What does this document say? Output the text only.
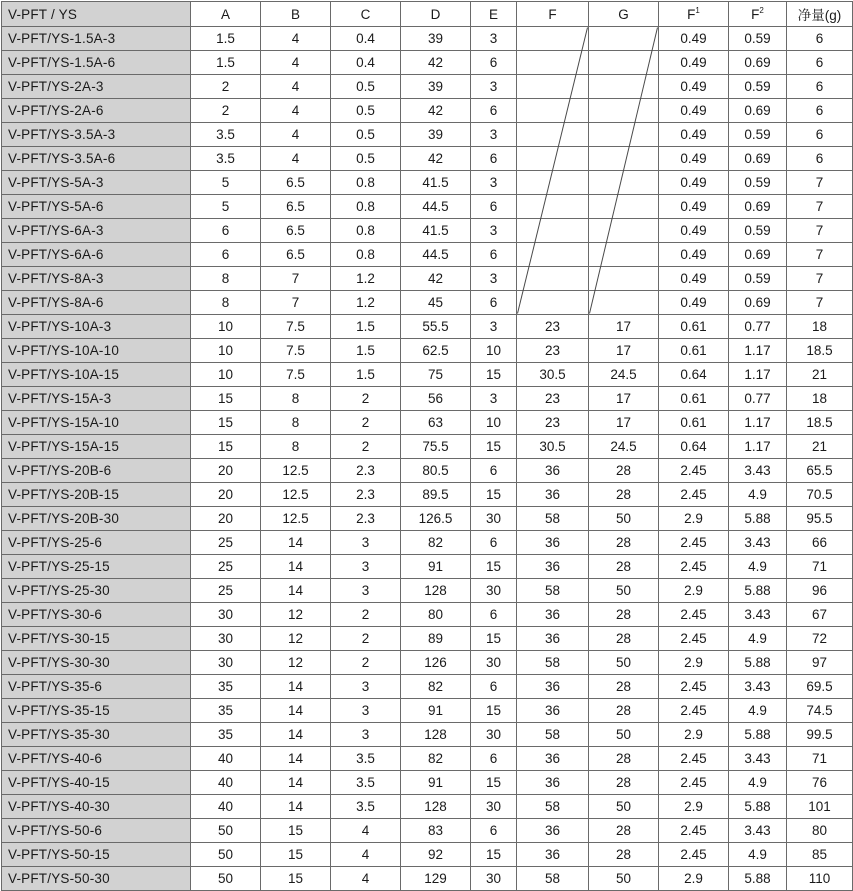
V-PFT / YS	A	B	C	D	E	F	G	$F^1$	$F^2$	净量(g)
V-PFT/YS-1.5A-3	1.5	4	0.4	39	3			0.49	0.59	6
V-PFT/YS-1.5A-6	1.5	4	0.4	42	6			0.49	0.69	6
V-PFT/YS-2A-3	2	4	0.5	39	3			0.49	0.59	6
V-PFT/YS-2A-6	2	4	0.5	42	6			0.49	0.69	6
V-PFT/YS-3.5A-3	3.5	4	0.5	39	3			0.49	0.59	6
V-PFT/YS-3.5A-6	3.5	4	0.5	42	6			0.49	0.69	6
V-PFT/YS-5A-3	5	6.5	0.8	41.5	3			0.49	0.59	7
V-PFT/YS-5A-6	5	6.5	0.8	44.5	6			0.49	0.69	7
V-PFT/YS-6A-3	6	6.5	0.8	41.5	3			0.49	0.59	7
V-PFT/YS-6A-6	6	6.5	0.8	44.5	6			0.49	0.69	7
V-PFT/YS-8A-3	8	7	1.2	42	3			0.49	0.59	7
V-PFT/YS-8A-6	8	7	1.2	45	6			0.49	0.69	7
V-PFT/YS-10A-3	10	7.5	1.5	55.5	3	23	17	0.61	0.77	18
V-PFT/YS-10A-10	10	7.5	1.5	62.5	10	23	17	0.61	1.17	18.5
V-PFT/YS-10A-15	10	7.5	1.5	75	15	30.5	24.5	0.64	1.17	21
V-PFT/YS-15A-3	15	8	2	56	3	23	17	0.61	0.77	18
V-PFT/YS-15A-10	15	8	2	63	10	23	17	0.61	1.17	18.5
V-PFT/YS-15A-15	15	8	2	75.5	15	30.5	24.5	0.64	1.17	21
V-PFT/YS-20B-6	20	12.5	2.3	80.5	6	36	28	2.45	3.43	65.5
V-PFT/YS-20B-15	20	12.5	2.3	89.5	15	36	28	2.45	4.9	70.5
V-PFT/YS-20B-30	20	12.5	2.3	126.5	30	58	50	2.9	5.88	95.5
V-PFT/YS-25-6	25	14	3	82	6	36	28	2.45	3.43	66
V-PFT/YS-25-15	25	14	3	91	15	36	28	2.45	4.9	71
V-PFT/YS-25-30	25	14	3	128	30	58	50	2.9	5.88	96
V-PFT/YS-30-6	30	12	2	80	6	36	28	2.45	3.43	67
V-PFT/YS-30-15	30	12	2	89	15	36	28	2.45	4.9	72
V-PFT/YS-30-30	30	12	2	126	30	58	50	2.9	5.88	97
V-PFT/YS-35-6	35	14	3	82	6	36	28	2.45	3.43	69.5
V-PFT/YS-35-15	35	14	3	91	15	36	28	2.45	4.9	74.5
V-PFT/YS-35-30	35	14	3	128	30	58	50	2.9	5.88	99.5
V-PFT/YS-40-6	40	14	3.5	82	6	36	28	2.45	3.43	71
V-PFT/YS-40-15	40	14	3.5	91	15	36	28	2.45	4.9	76
V-PFT/YS-40-30	40	14	3.5	128	30	58	50	2.9	5.88	101
V-PFT/YS-50-6	50	15	4	83	6	36	28	2.45	3.43	80
V-PFT/YS-50-15	50	15	4	92	15	36	28	2.45	4.9	85
V-PFT/YS-50-30	50	15	4	129	30	58	50	2.9	5.88	110
